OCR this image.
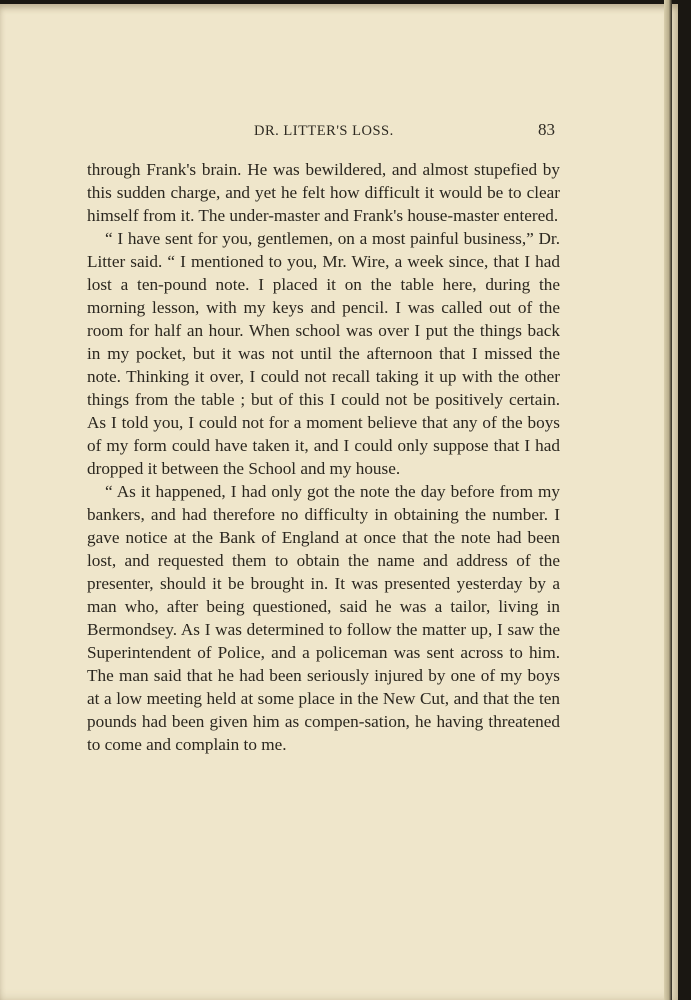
DR. LITTER'S LOSS.	83

through Frank's brain. He was bewildered, and almost stupefied by this sudden charge, and yet he felt how difficult it would be to clear himself from it. The under-master and Frank's house-master entered.

“ I have sent for you, gentlemen, on a most painful business,” Dr. Litter said. “ I mentioned to you, Mr. Wire, a week since, that I had lost a ten-pound note. I placed it on the table here, during the morning lesson, with my keys and pencil. I was called out of the room for half an hour. When school was over I put the things back in my pocket, but it was not until the afternoon that I missed the note. Thinking it over, I could not recall taking it up with the other things from the table ; but of this I could not be positively certain. As I told you, I could not for a moment believe that any of the boys of my form could have taken it, and I could only suppose that I had dropped it between the School and my house.

“ As it happened, I had only got the note the day before from my bankers, and had therefore no difficulty in obtaining the number. I gave notice at the Bank of England at once that the note had been lost, and requested them to obtain the name and address of the presenter, should it be brought in. It was presented yesterday by a man who, after being questioned, said he was a tailor, living in Bermondsey. As I was determined to follow the matter up, I saw the Superintendent of Police, and a policeman was sent across to him. The man said that he had been seriously injured by one of my boys at a low meeting held at some place in the New Cut, and that the ten pounds had been given him as compen-sation, he having threatened to come and complain to me.
